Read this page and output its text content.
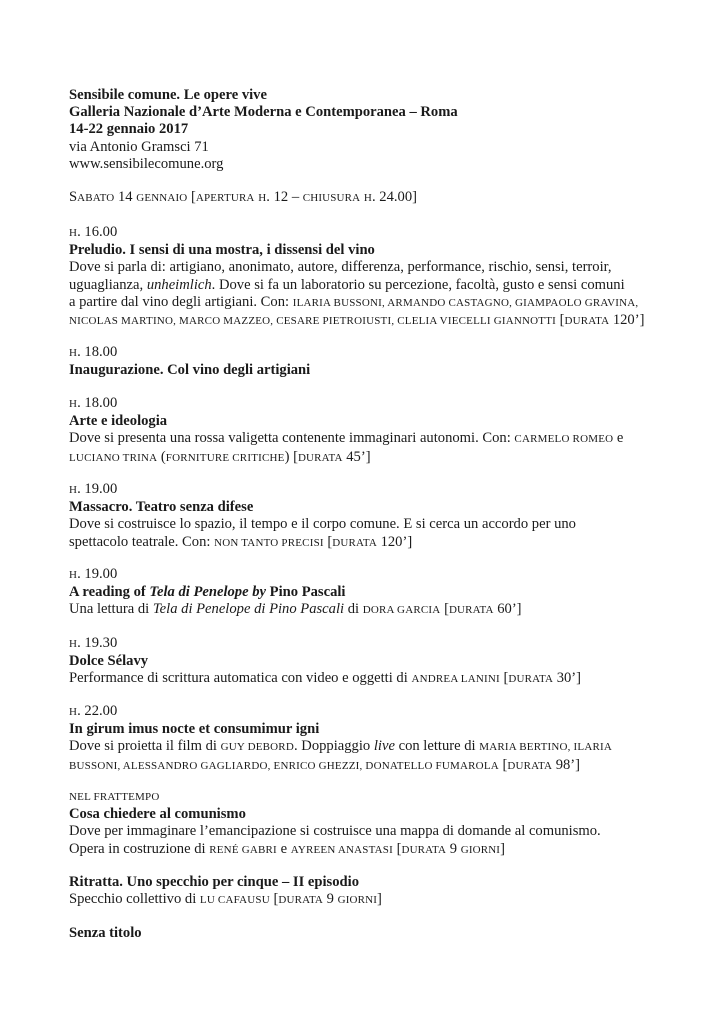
Sensibile comune. Le opere vive
Galleria Nazionale d’Arte Moderna e Contemporanea – Roma
14-22 gennaio 2017
via Antonio Gramsci 71
www.sensibilecomune.org
SABATO 14 GENNAIO [APERTURA H. 12 – CHIUSURA H. 24.00]
H. 16.00
Preludio. I sensi di una mostra, i dissensi del vino
Dove si parla di: artigiano, anonimato, autore, differenza, performance, rischio, sensi, terroir,
uguaglianza, unheimlich. Dove si fa un laboratorio su percezione, facoltà, gusto e sensi comuni
a partire dal vino degli artigiani. Con: ILARIA BUSSONI, ARMANDO CASTAGNO, GIAMPAOLO GRAVINA,
NICOLAS MARTINO, MARCO MAZZEO, CESARE PIETROIUSTI, CLELIA VIECELLI GIANNOTTI [DURATA 120’]
H. 18.00
Inaugurazione. Col vino degli artigiani
H. 18.00
Arte e ideologia
Dove si presenta una rossa valigetta contenente immaginari autonomi. Con: CARMELO ROMEO e
LUCIANO TRINA (FORNITURE CRITICHE) [DURATA 45’]
H. 19.00
Massacro. Teatro senza difese
Dove si costruisce lo spazio, il tempo e il corpo comune. E si cerca un accordo per uno
spettacolo teatrale. Con: NON TANTO PRECISI [DURATA 120’]
H. 19.00
A reading of Tela di Penelope by Pino Pascali
Una lettura di Tela di Penelope di Pino Pascali di DORA GARCIA [DURATA 60’]
H. 19.30
Dolce Sélavy
Performance di scrittura automatica con video e oggetti di ANDREA LANINI [DURATA 30’]
H. 22.00
In girum imus nocte et consumimur igni
Dove si proietta il film di GUY DEBORD. Doppiaggio live con letture di MARIA BERTINO, ILARIA
BUSSONI, ALESSANDRO GAGLIARDO, ENRICO GHEZZI, DONATELLO FUMAROLA [DURATA 98’]
NEL FRATTEMPO
Cosa chiedere al comunismo
Dove per immaginare l’emancipazione si costruisce una mappa di domande al comunismo.
Opera in costruzione di RENÉ GABRI e AYREEN ANASTASI [DURATA 9 GIORNI]
Ritratta. Uno specchio per cinque – II episodio
Specchio collettivo di LU CAFAUSU [DURATA 9 GIORNI]
Senza titolo
